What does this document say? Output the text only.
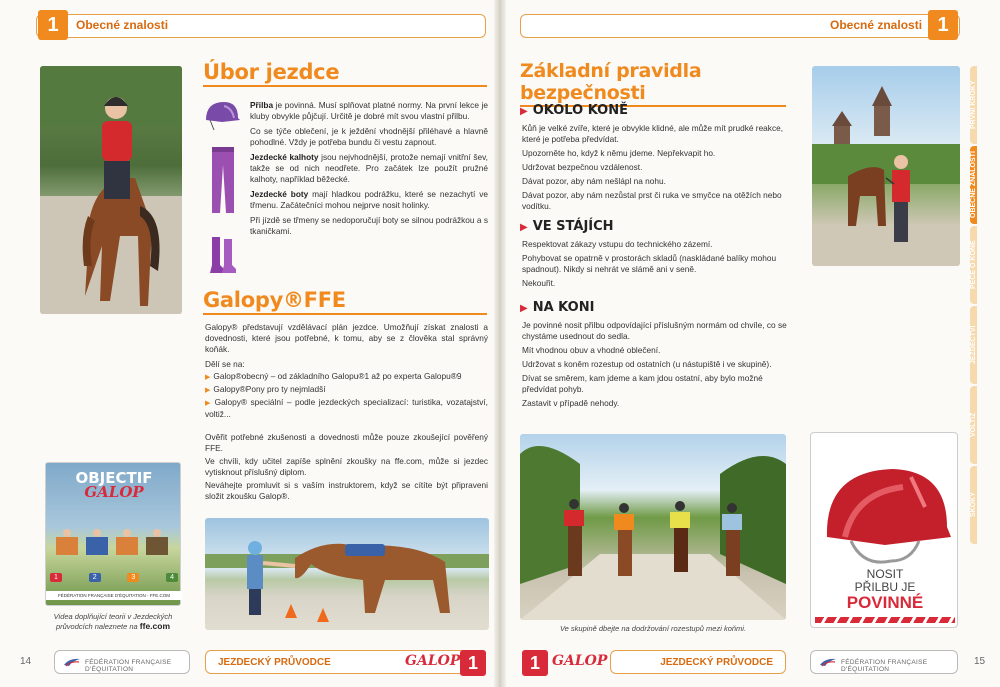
1	Obecné znalosti
Úbor jezdce

Přilba je povinná. Musí splňovat platné normy. Na první lekce je kluby obvykle půjčují. Určitě je dobré mít svou vlastní přilbu.

Co se týče oblečení, je k ježdění vhodnější přiléhavé a hlavně pohodlné. Vždy je potřeba bundu či vestu zapnout.

Jezdecké kalhoty jsou nejvhodnější, protože nemají vnitřní šev, takže se od nich neodřete. Pro začátek lze použít pružné kalhoty, například běžecké.

Jezdecké boty mají hladkou podrážku, které se nezachytí ve třmenu. Začátečníci mohou nejprve nosit holinky.

Při jízdě se třmeny se nedoporučují boty se silnou podrážkou a s tkaničkami.

Galopy®FFE

Galopy® představují vzdělávací plán jezdce. Umožňují získat znalosti a dovednosti, které jsou potřebné, k tomu, aby se z člověka stal správný koňák.

Dělí se na:

▶ Galop®obecný – od základního Galopu®1 až po experta Galopu®9

▶ Galopy®Pony pro ty nejmladší

▶ Galopy® speciální – podle jezdeckých specializací: turistika, vozatajství, voltiž...

Ověřit potřebné zkušenosti a dovednosti může pouze zkoušející pověřený FFE.

Ve chvíli, kdy učitel zapíše splnění zkoušky na ffe.com, může si jezdec vytisknout příslušný diplom.

Neváhejte promluvit si s vaším instruktorem, když se cítíte být připraveni složit zkoušku Galop®.

OBJECTIF
GALOP
1	2	3	4
FÉDÉRATION FRANÇAISE D'ÉQUITATION - FFE.COM
Videa doplňující teorii v Jezdeckých
průvodcích naleznete na ffe.com
14	FÉDÉRATION FRANÇAISE D'ÉQUITATION
JEZDECKÝ PRŮVODCE	GALOP 1
Obecné znalosti 1
Základní pravidla bezpečnosti
▶ OKOLO KONĚ

Kůň je velké zvíře, které je obvykle klidné, ale může mít prudké reakce, které je potřeba předvídat.

Upozorněte ho, když k němu jdeme. Nepřekvapit ho.

Udržovat bezpečnou vzdálenost.

Dávat pozor, aby nám nešlápl na nohu.

Dávat pozor, aby nám nezůstal prst či ruka ve smyčce na otěžích nebo vodítku.

▶ VE STÁJÍCH

Respektovat zákazy vstupu do technického zázemí.

Pohybovat se opatrně v prostorách skladů (naskládané balíky mohou spadnout). Nikdy si nehrát ve slámě ani v seně.

Nekouřit.

▶ NA KONI

Je povinné nosit přilbu odpovídající příslušným normám od chvíle, co se chystáme usednout do sedla.

Mít vhodnou obuv a vhodné oblečení.

Udržovat s koněm rozestup od ostatních (u nástupiště i ve skupině).

Dívat se směrem, kam jdeme a kam jdou ostatní, aby bylo možné předvídat pohyb.

Zastavit v případě nehody.

Ve skupině dbejte na dodržování rozestupů mezi koňmi.
NOSIT
PŘILBU JE
POVINNÉ
PRVNÍ KROKY
OBECNÉ ZNALOSTI
PÉČE O KONĚ
JEZDECTVÍ
VOLTIŽ
SKOKY
1 GALOP	JEZDECKÝ PRŮVODCE	FÉDÉRATION FRANÇAISE D'ÉQUITATION
15
